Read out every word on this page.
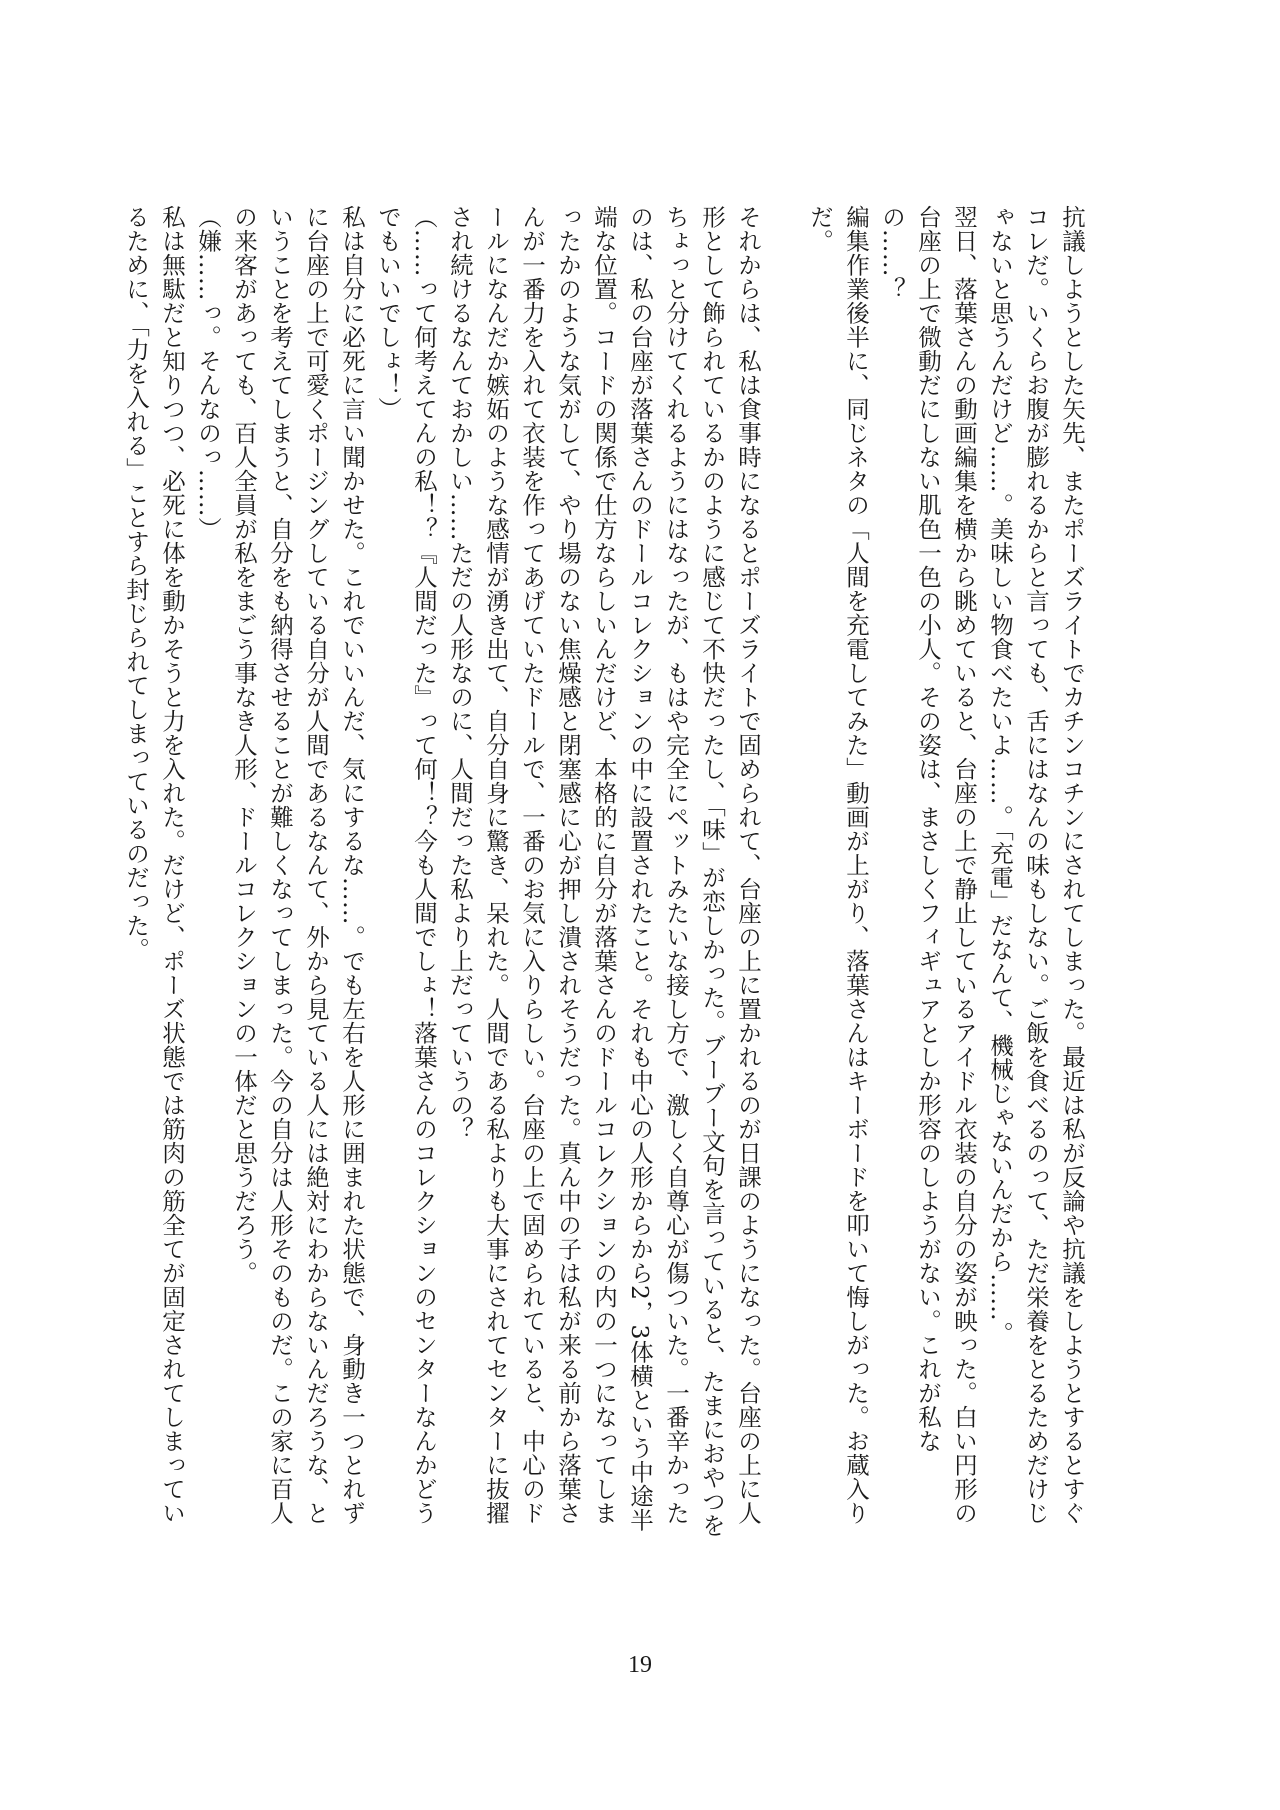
抗議しようとした矢先、またポーズライトでカチンコチンにされてしまった。最近は私が反論や抗議をしようとするとすぐコレだ。いくらお腹が膨れるからと言っても、舌にはなんの味もしない。ご飯を食べるのって、ただ栄養をとるためだけじゃないと思うんだけど……。美味しい物食べたいよ……。「充電」だなんて、機械じゃないんだから……。

翌日、落葉さんの動画編集を横から眺めていると、台座の上で静止しているアイドル衣装の自分の姿が映った。白い円形の台座の上で微動だにしない肌色一色の小人。その姿は、まさしくフィギュアとしか形容のしようがない。これが私なの……？

編集作業後半に、同じネタの「人間を充電してみた」動画が上がり、落葉さんはキーボードを叩いて悔しがった。お蔵入りだ。

それからは、私は食事時になるとポーズライトで固められて、台座の上に置かれるのが日課のようになった。台座の上に人形として飾られているかのように感じて不快だったし、「味」が恋しかった。ブーブー文句を言っていると、たまにおやつをちょっと分けてくれるようにはなったが、もはや完全にペットみたいな接し方で、激しく自尊心が傷ついた。一番辛かったのは、私の台座が落葉さんのドールコレクションの中に設置されたこと。それも中心の人形からから2，3体横という中途半端な位置。コードの関係で仕方ならしいんだけど、本格的に自分が落葉さんのドールコレクションの内の一つになってしまったかのような気がして、やり場のない焦燥感と閉塞感に心が押し潰されそうだった。真ん中の子は私が来る前から落葉さんが一番力を入れて衣装を作ってあげていたドールで、一番のお気に入りらしい。台座の上で固められていると、中心のドールになんだか嫉妬のような感情が湧き出て、自分自身に驚き、呆れた。人間である私よりも大事にされてセンターに抜擢され続けるなんておかしい……ただの人形なのに、人間だった私より上だっていうの？

（……って何考えてんの私！？『人間だった』って何！？今も人間でしょ！落葉さんのコレクションのセンターなんかどうでもいいでしょ！）

私は自分に必死に言い聞かせた。これでいいんだ、気にするな……。でも左右を人形に囲まれた状態で、身動き一つとれずに台座の上で可愛くポージングしている自分が人間であるなんて、外から見ている人には絶対にわからないんだろうな、ということを考えてしまうと、自分をも納得させることが難しくなってしまった。今の自分は人形そのものだ。この家に百人の来客があっても、百人全員が私をまごう事なき人形、ドールコレクションの一体だと思うだろう。

（嫌……っ。そんなのっ……）

私は無駄だと知りつつ、必死に体を動かそうと力を入れた。だけど、ポーズ状態では筋肉の筋全てが固定されてしまっているために、「力を入れる」ことすら封じられてしまっているのだった。

19
